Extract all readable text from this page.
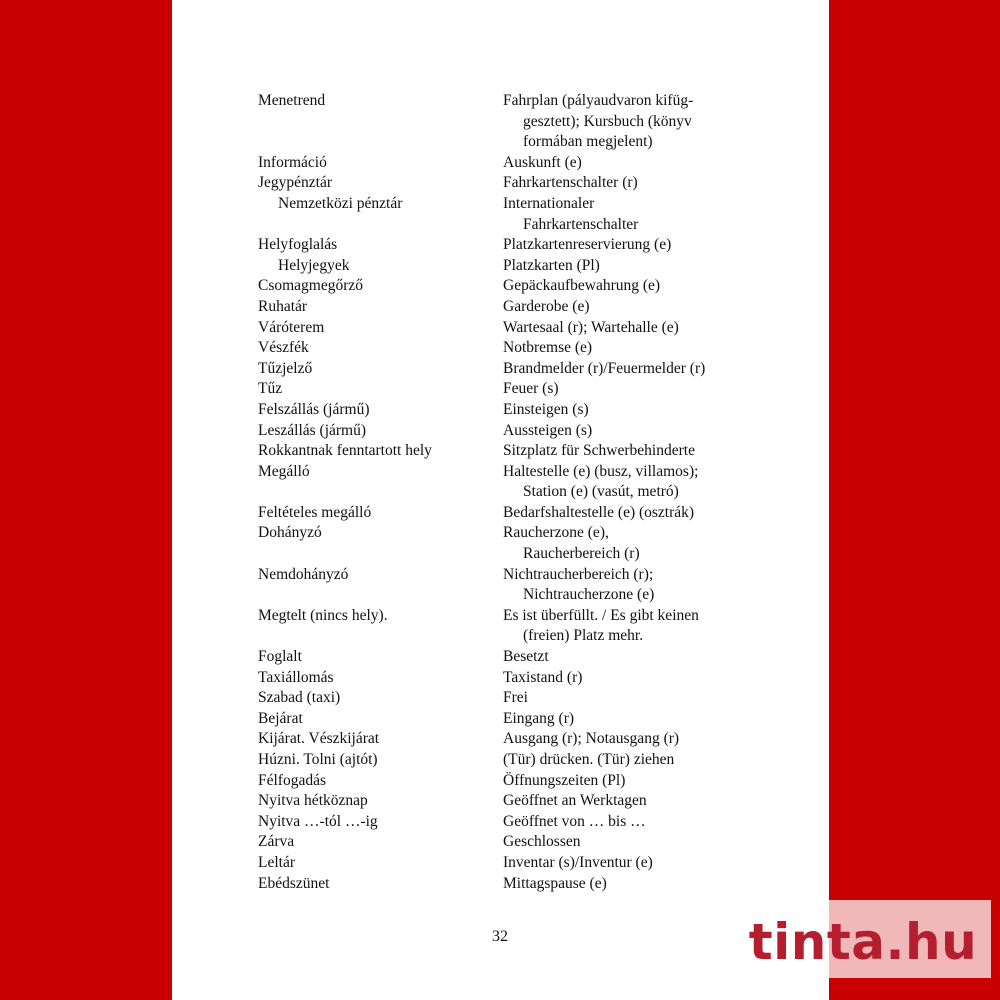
Menetrend	Fahrplan (pályaudvaron kifüg-
gesztett); Kursbuch (könyv
formában megjelent)
Információ	Auskunft (e)
Jegypénztár	Fahrkartenschalter (r)
Nemzetközi pénztár	Internationaler
Fahrkartenschalter
Helyfoglalás	Platzkartenreservierung (e)
Helyjegyek	Platzkarten (Pl)
Csomagmegőrző	Gepäckaufbewahrung (e)
Ruhatár	Garderobe (e)
Váróterem	Wartesaal (r); Wartehalle (e)
Vészfék	Notbremse (e)
Tűzjelző	Brandmelder (r)/Feuermelder (r)
Tűz	Feuer (s)
Felszállás (jármű)	Einsteigen (s)
Leszállás (jármű)	Aussteigen (s)
Rokkantnak fenntartott hely	Sitzplatz für Schwerbehinderte
Megálló	Haltestelle (e) (busz, villamos);
Station (e) (vasút, metró)
Feltételes megálló	Bedarfshaltestelle (e) (osztrák)
Dohányzó	Raucherzone (e),
Raucherbereich (r)
Nemdohányzó	Nichtraucherbereich (r);
Nichtraucherzone (e)
Megtelt (nincs hely).	Es ist überfüllt. / Es gibt keinen
(freien) Platz mehr.
Foglalt	Besetzt
Taxiállomás	Taxistand (r)
Szabad (taxi)	Frei
Bejárat	Eingang (r)
Kijárat. Vészkijárat	Ausgang (r); Notausgang (r)
Húzni. Tolni (ajtót)	(Tür) drücken. (Tür) ziehen
Félfogadás	Öffnungszeiten (Pl)
Nyitva hétköznap	Geöffnet an Werktagen
Nyitva …-tól …-ig	Geöffnet von … bis …
Zárva	Geschlossen
Leltár	Inventar (s)/Inventur (e)
Ebédszünet	Mittagspause (e)
32	tinta.hu
